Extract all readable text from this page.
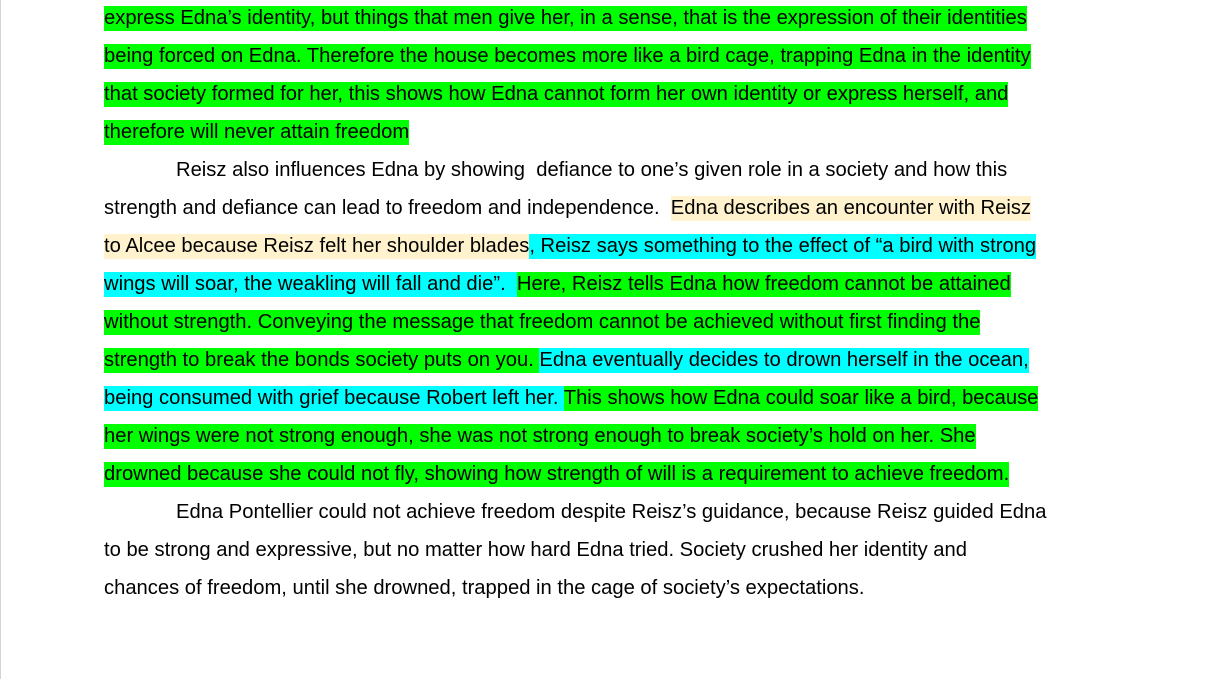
express Edna’s identity, but things that men give her, in a sense, that is the expression of their identities
being forced on Edna. Therefore the house becomes more like a bird cage, trapping Edna in the identity
that society formed for her, this shows how Edna cannot form her own identity or express herself, and
therefore will never attain freedom
Reisz also influences Edna by showing  defiance to one’s given role in a society and how this
strength and defiance can lead to freedom and independence.  Edna describes an encounter with Reisz
to Alcee because Reisz felt her shoulder blades, Reisz says something to the effect of “a bird with strong
wings will soar, the weakling will fall and die”.  Here, Reisz tells Edna how freedom cannot be attained
without strength. Conveying the message that freedom cannot be achieved without first finding the
strength to break the bonds society puts on you. Edna eventually decides to drown herself in the ocean,
being consumed with grief because Robert left her. This shows how Edna could soar like a bird, because
her wings were not strong enough, she was not strong enough to break society’s hold on her. She
drowned because she could not fly, showing how strength of will is a requirement to achieve freedom.
Edna Pontellier could not achieve freedom despite Reisz’s guidance, because Reisz guided Edna
to be strong and expressive, but no matter how hard Edna tried. Society crushed her identity and
chances of freedom, until she drowned, trapped in the cage of society’s expectations.
